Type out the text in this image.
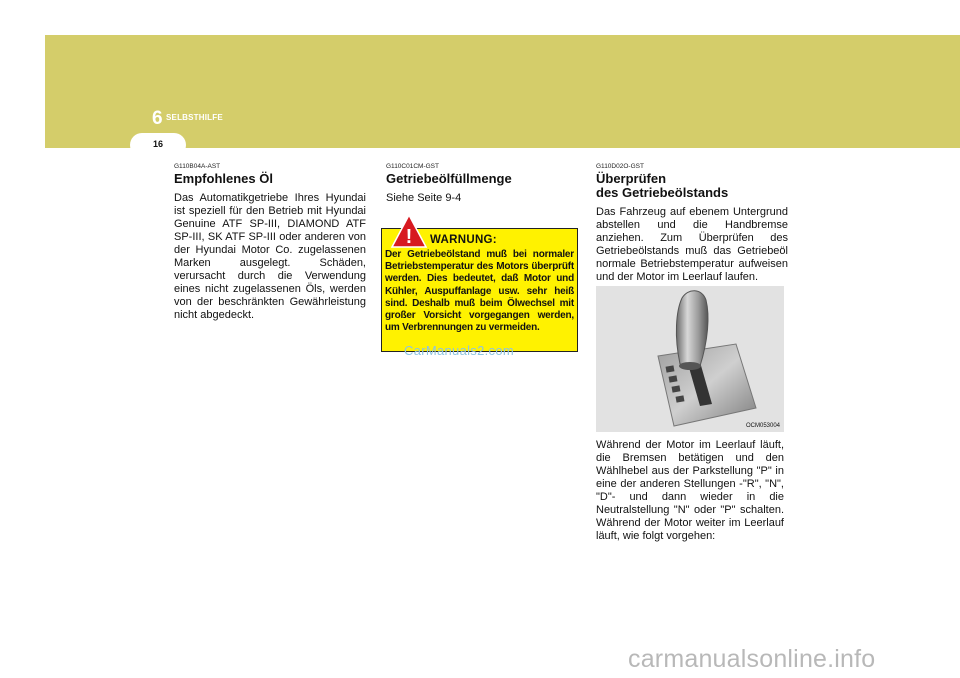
6 SELBSTHILFE
16

G110B04A-AST

Empfohlenes Öl

Das Automatikgetriebe Ihres Hyundai ist speziell für den Betrieb mit Hyundai Genuine ATF SP-III, DIAMOND ATF SP-III, SK ATF SP-III oder anderen von der Hyundai Motor Co. zugelassenen Marken ausgelegt. Schäden, verursacht durch die Verwendung eines nicht zugelassenen Öls, werden von der beschränkten Gewährleistung nicht abgedeckt.

G110C01CM-GST

Getriebeölfüllmenge

Siehe Seite 9-4

! WARNUNG:
Der Getriebeölstand muß bei normaler Betriebstemperatur des Motors überprüft werden. Dies bedeutet, daß Motor und Kühler, Auspuffanlage usw. sehr heiß sind. Deshalb muß beim Ölwechsel mit großer Vorsicht vorgegangen werden, um Verbrennungen zu vermeiden.
CarManuals2.com

G110D02O-GST

Überprüfen

des Getriebeölstands

Das Fahrzeug auf ebenem Untergrund abstellen und die Handbremse anziehen. Zum Überprüfen des Getriebeölstands muß das Getriebeöl normale Betriebstemperatur aufweisen und der Motor im Leerlauf laufen.

OCM053004

Während der Motor im Leerlauf läuft, die Bremsen betätigen und den Wählhebel aus der Parkstellung "P" in eine der anderen Stellungen -"R", "N", "D"- und dann wieder in die Neutralstellung "N" oder "P" schalten. Während der Motor weiter im Leerlauf läuft, wie folgt vorgehen:

carmanualsonline.info
